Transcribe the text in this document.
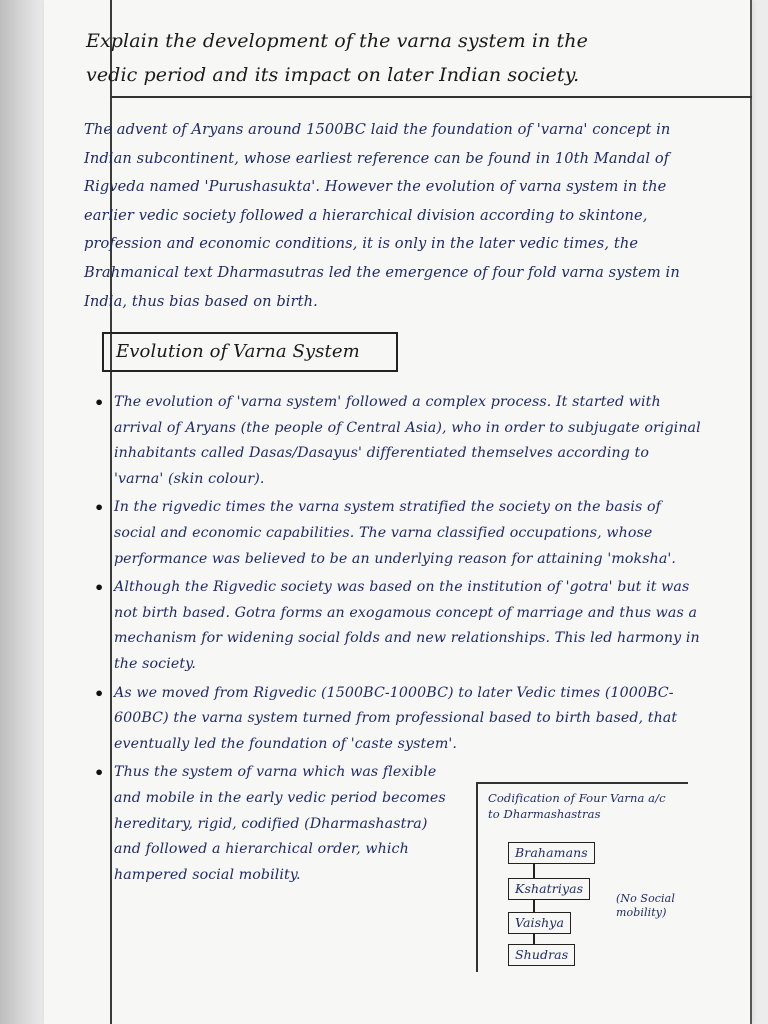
Explain the development of the varna system in the
vedic period and its impact on later Indian society.
The advent of Aryans around 1500BC laid the foundation of 'varna' concept in Indian subcontinent, whose earliest reference can be found in 10th Mandal of Rigveda named 'Purushasukta'. However the evolution of varna system in the earlier vedic society followed a hierarchical division according to skintone, profession and economic conditions, it is only in the later vedic times, the Brahmanical text Dharmasutras led the emergence of four fold varna system in India, thus bias based on birth.
Evolution of Varna System
• The evolution of 'varna system' followed a complex process. It started with arrival of Aryans (the people of Central Asia), who in order to subjugate original inhabitants called Dasas/Dasayus' differentiated themselves according to 'varna' (skin colour).
• In the rigvedic times the varna system stratified the society on the basis of social and economic capabilities. The varna classified occupations, whose performance was believed to be an underlying reason for attaining 'moksha'.
• Although the Rigvedic society was based on the institution of 'gotra' but it was not birth based. Gotra forms an exogamous concept of marriage and thus was a mechanism for widening social folds and new relationships. This led harmony in the society.
• As we moved from Rigvedic (1500BC-1000BC) to later Vedic times (1000BC-600BC) the varna system turned from professional based to birth based, that eventually led the foundation of 'caste system'.
• Thus the system of varna which was flexible and mobile in the early vedic period becomes hereditary, rigid, codified (Dharmashastra) and followed a hierarchical order, which hampered social mobility.
Codification of Four Varna a/c to Dharmashastras
Brahamans
Kshatriyas
Vaishya
Shudras
(No Social mobility)
